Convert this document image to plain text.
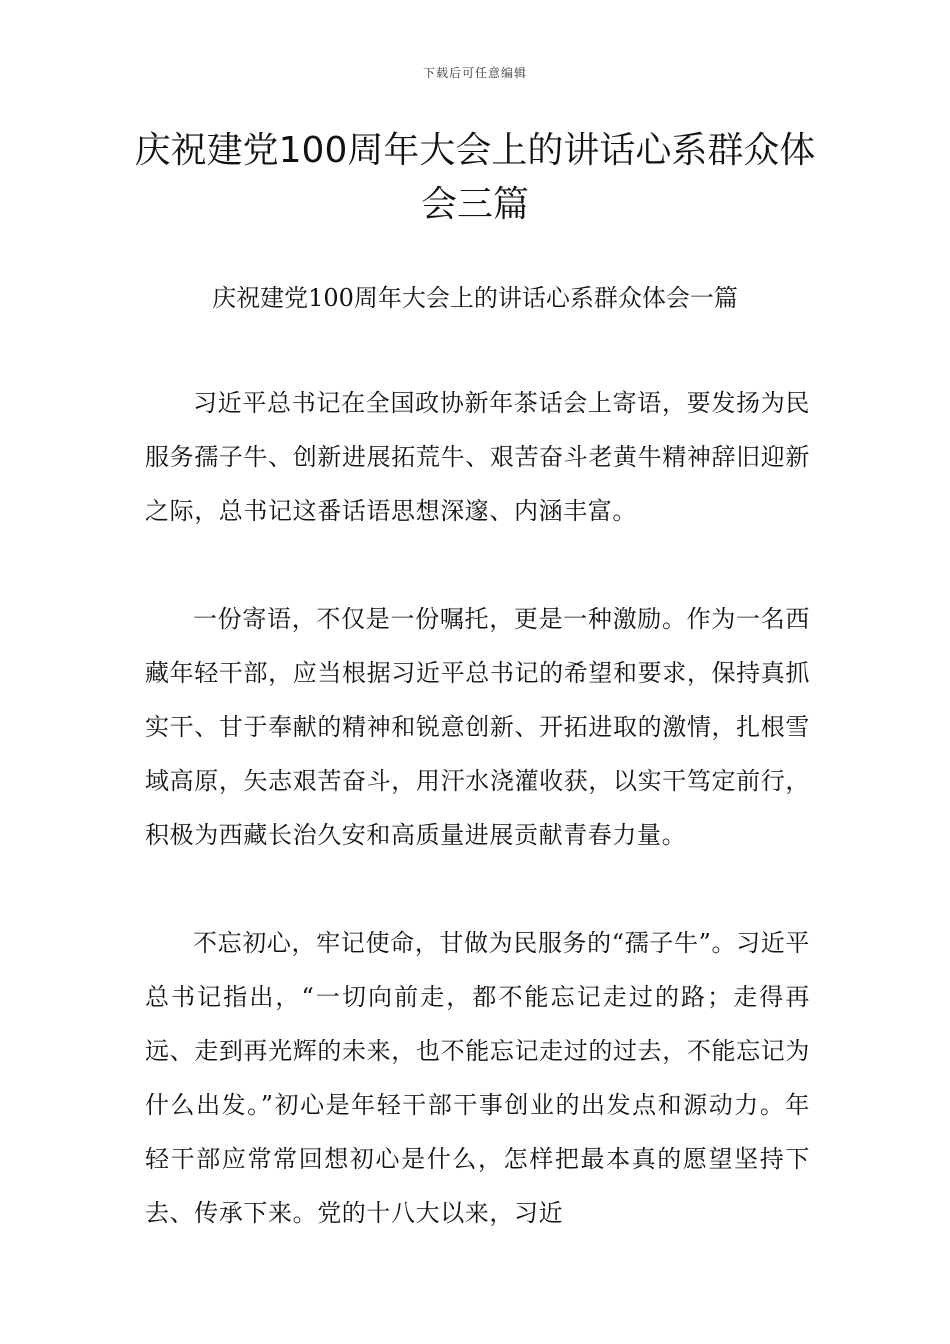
下载后可任意编辑
庆祝建党100周年大会上的讲话心系群众体会三篇
庆祝建党100周年大会上的讲话心系群众体会一篇

习近平总书记在全国政协新年茶话会上寄语，要发扬为民服务孺子牛、创新进展拓荒牛、艰苦奋斗老黄牛精神辞旧迎新之际，总书记这番话语思想深邃、内涵丰富。

一份寄语，不仅是一份嘱托，更是一种激励。作为一名西藏年轻干部，应当根据习近平总书记的希望和要求，保持真抓实干、甘于奉献的精神和锐意创新、开拓进取的激情，扎根雪域高原，矢志艰苦奋斗，用汗水浇灌收获，以实干笃定前行，积极为西藏长治久安和高质量进展贡献青春力量。

不忘初心，牢记使命，甘做为民服务的“孺子牛”。习近平总书记指出，“一切向前走，都不能忘记走过的路；走得再远、走到再光辉的未来，也不能忘记走过的过去，不能忘记为什么出发。”初心是年轻干部干事创业的出发点和源动力。年轻干部应常常回想初心是什么，怎样把最本真的愿望坚持下去、传承下来。党的十八大以来，习近
